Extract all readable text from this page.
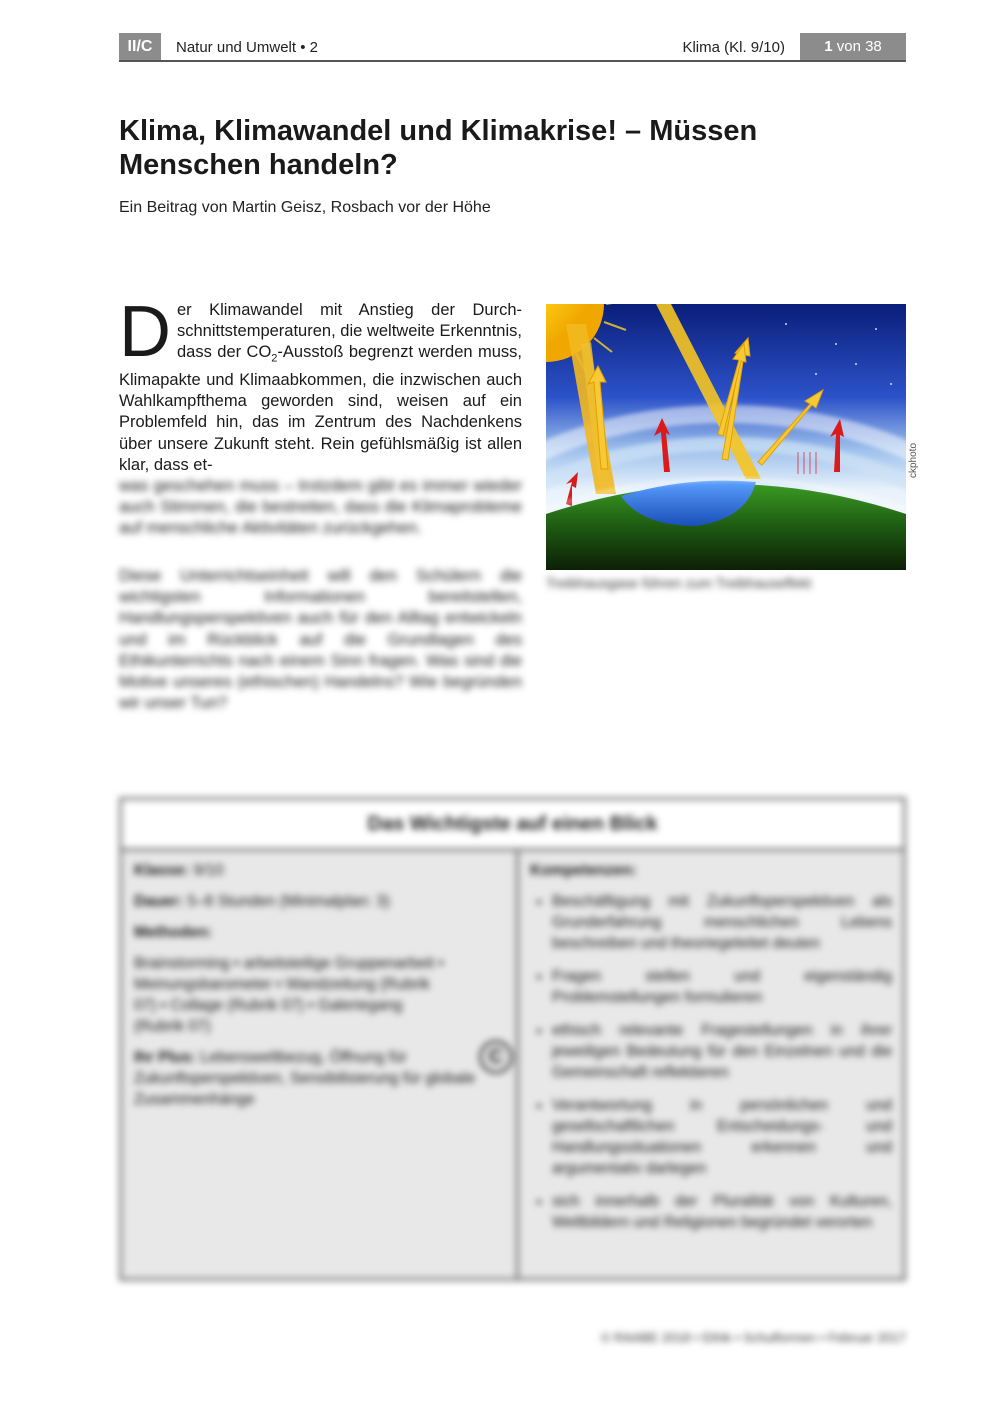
II/C	Natur und Umwelt • 2	Klima (Kl. 9/10)	1 von 38
Klima, Klimawandel und Klimakrise! – Müssen Menschen handeln?
Ein Beitrag von Martin Geisz, Rosbach vor der Höhe
Der Klimawandel mit Anstieg der Durchschnittstemperaturen, die weltweite Erkenntnis, dass der $CO_2$-Ausstoß begrenzt werden muss, Klimapakte und Klimaabkommen, die inzwischen auch Wahlkampfthema geworden sind, weisen auf ein Problemfeld hin, das im Zentrum des Nachdenkens über unsere Zukunft steht. Rein gefühlsmäßig ist allen klar, dass et-
was geschehen muss – trotzdem gibt es immer wieder auch Stimmen, die bestreiten, dass die Klimaprobleme auf menschliche Aktivitäten zurückgehen.
Diese Unterrichtseinheit will den Schülern die wichtigsten Informationen bereitstellen, Handlungsperspektiven auch für den Alltag entwickeln und im Rückblick auf die Grundlagen des Ethikunterrichts nach einem Sinn fragen. Was sind die Motive unseres (ethischen) Handelns? Wie begründen wir unser Tun?
ckphoto
Treibhausgase führen zum Treibhauseffekt
Das Wichtigste auf einen Blick
Klasse: 9/10
Dauer: 5–8 Stunden (Minimalplan: 3)
Methoden:
Brainstorming • arbeitsteilige Gruppenarbeit • Meinungsbarometer • Wandzeitung (Rubrik 07) • Collage (Rubrik 07) • Galeriegang (Rubrik 07)
Ihr Plus: Lebensweltbezug, Öffnung für Zukunftsperspektiven, Sensibilisierung für globale Zusammenhänge
C
Kompetenzen:
• Beschäftigung mit Zukunftsperspektiven als Grunderfahrung menschlichen Lebens beschreiben und theoriegeleitet deuten
• Fragen stellen und eigenständig Problemstellungen formulieren
• ethisch relevante Fragestellungen in ihrer jeweiligen Bedeutung für den Einzelnen und die Gemeinschaft reflektieren
• Verantwortung in persönlichen und gesellschaftlichen Entscheidungs- und Handlungssituationen erkennen und argumentativ darlegen
• sich innerhalb der Pluralität von Kulturen, Weltbildern und Religionen begründet verorten
© RAABE 2018 • Ethik • Schulformen • Februar 2017
